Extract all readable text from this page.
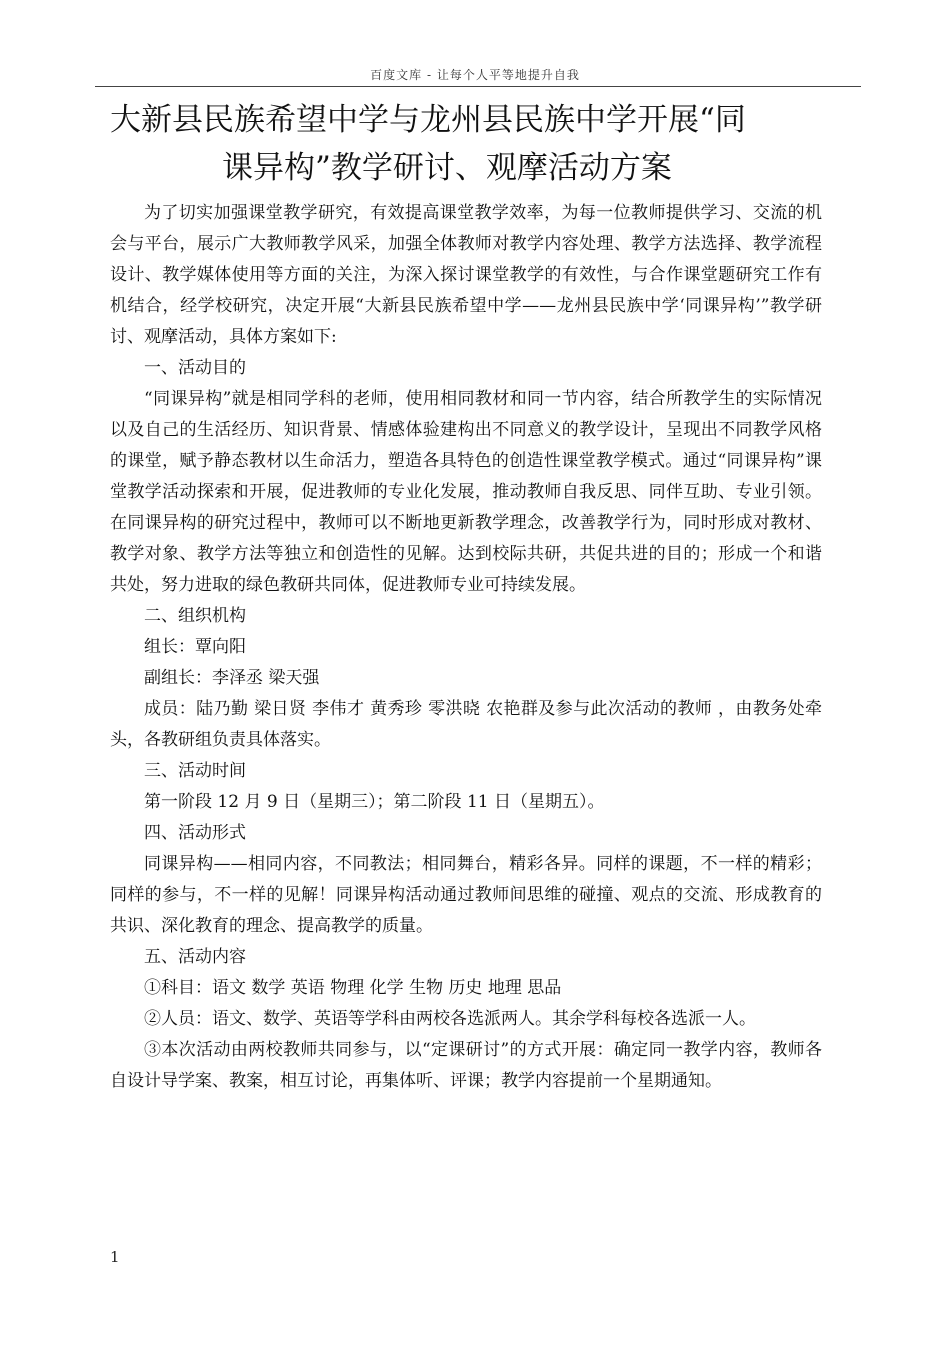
百度文库 - 让每个人平等地提升自我
大新县民族希望中学与龙州县民族中学开展“同
课异构”教学研讨、观摩活动方案

为了切实加强课堂教学研究，有效提高课堂教学效率，为每一位教师提供学习、交流的机会与平台，展示广大教师教学风采，加强全体教师对教学内容处理、教学方法选择、教学流程设计、教学媒体使用等方面的关注，为深入探讨课堂教学的有效性，与合作课堂题研究工作有机结合，经学校研究，决定开展“大新县民族希望中学——龙州县民族中学‘同课异构’”教学研讨、观摩活动，具体方案如下:

一、活动目的

“同课异构”就是相同学科的老师，使用相同教材和同一节内容，结合所教学生的实际情况以及自己的生活经历、知识背景、情感体验建构出不同意义的教学设计，呈现出不同教学风格的课堂，赋予静态教材以生命活力，塑造各具特色的创造性课堂教学模式。通过“同课异构”课堂教学活动探索和开展，促进教师的专业化发展，推动教师自我反思、同伴互助、专业引领。在同课异构的研究过程中，教师可以不断地更新教学理念，改善教学行为，同时形成对教材、教学对象、教学方法等独立和创造性的见解。达到校际共研，共促共进的目的；形成一个和谐共处，努力进取的绿色教研共同体，促进教师专业可持续发展。

二、组织机构

组长：覃向阳

副组长：李泽丞 梁天强

成员：陆乃勤 梁日贤 李伟才 黄秀珍 零洪晓 农艳群及参与此次活动的教师 ，由教务处牵头，各教研组负责具体落实。

三、活动时间

第一阶段 12 月 9 日（星期三）；第二阶段 11 日（星期五）。

四、活动形式

同课异构——相同内容，不同教法；相同舞台，精彩各异。同样的课题，不一样的精彩；同样的参与，不一样的见解！同课异构活动通过教师间思维的碰撞、观点的交流、形成教育的共识、深化教育的理念、提高教学的质量。

五、活动内容

①科目：语文 数学 英语 物理 化学 生物 历史 地理 思品

②人员：语文、数学、英语等学科由两校各选派两人。其余学科每校各选派一人。

③本次活动由两校教师共同参与，以“定课研讨”的方式开展：确定同一教学内容，教师各自设计导学案、教案，相互讨论，再集体听、评课；教学内容提前一个星期通知。

1
